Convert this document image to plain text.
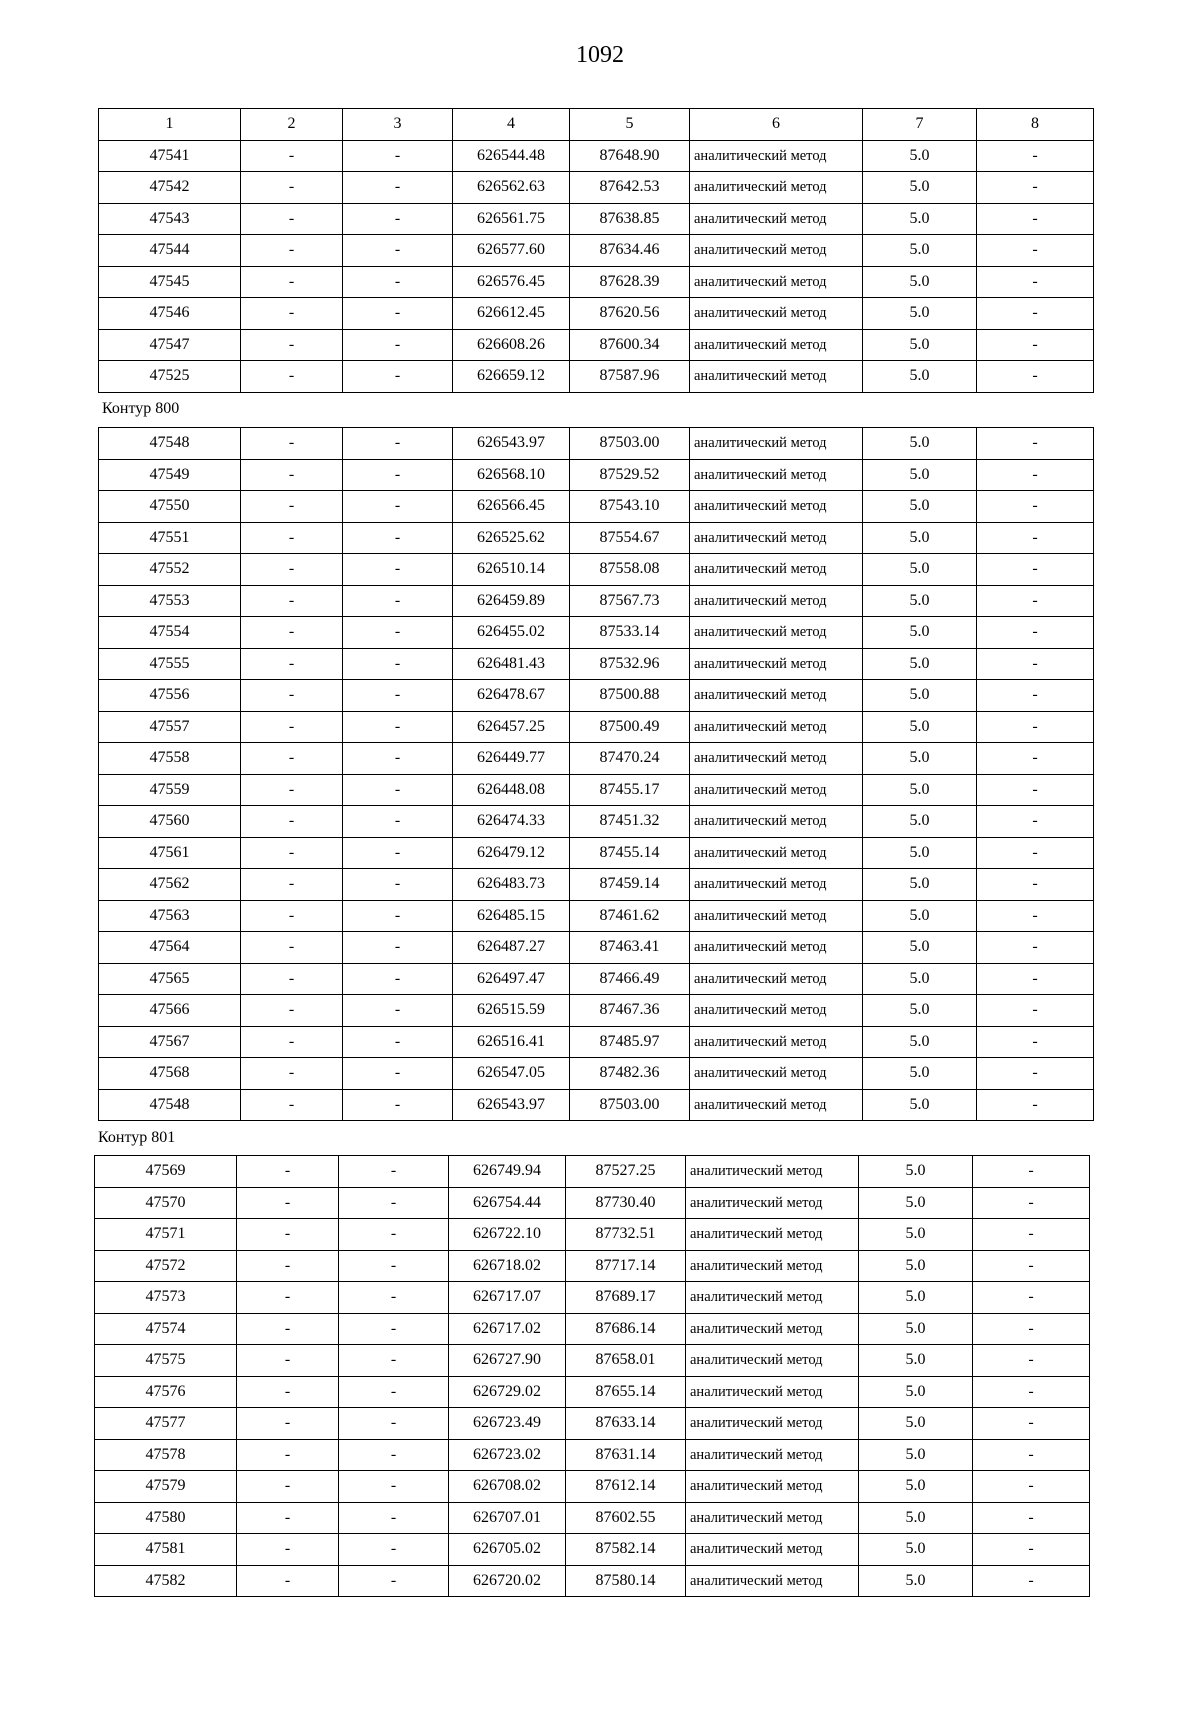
1092
1	2	3	4	5	6	7	8
47541	-	-	626544.48	87648.90	аналитический метод	5.0	-
47542	-	-	626562.63	87642.53	аналитический метод	5.0	-
47543	-	-	626561.75	87638.85	аналитический метод	5.0	-
47544	-	-	626577.60	87634.46	аналитический метод	5.0	-
47545	-	-	626576.45	87628.39	аналитический метод	5.0	-
47546	-	-	626612.45	87620.56	аналитический метод	5.0	-
47547	-	-	626608.26	87600.34	аналитический метод	5.0	-
47525	-	-	626659.12	87587.96	аналитический метод	5.0	-
Контур 800
47548	-	-	626543.97	87503.00	аналитический метод	5.0	-
47549	-	-	626568.10	87529.52	аналитический метод	5.0	-
47550	-	-	626566.45	87543.10	аналитический метод	5.0	-
47551	-	-	626525.62	87554.67	аналитический метод	5.0	-
47552	-	-	626510.14	87558.08	аналитический метод	5.0	-
47553	-	-	626459.89	87567.73	аналитический метод	5.0	-
47554	-	-	626455.02	87533.14	аналитический метод	5.0	-
47555	-	-	626481.43	87532.96	аналитический метод	5.0	-
47556	-	-	626478.67	87500.88	аналитический метод	5.0	-
47557	-	-	626457.25	87500.49	аналитический метод	5.0	-
47558	-	-	626449.77	87470.24	аналитический метод	5.0	-
47559	-	-	626448.08	87455.17	аналитический метод	5.0	-
47560	-	-	626474.33	87451.32	аналитический метод	5.0	-
47561	-	-	626479.12	87455.14	аналитический метод	5.0	-
47562	-	-	626483.73	87459.14	аналитический метод	5.0	-
47563	-	-	626485.15	87461.62	аналитический метод	5.0	-
47564	-	-	626487.27	87463.41	аналитический метод	5.0	-
47565	-	-	626497.47	87466.49	аналитический метод	5.0	-
47566	-	-	626515.59	87467.36	аналитический метод	5.0	-
47567	-	-	626516.41	87485.97	аналитический метод	5.0	-
47568	-	-	626547.05	87482.36	аналитический метод	5.0	-
47548	-	-	626543.97	87503.00	аналитический метод	5.0	-
Контур 801
47569	-	-	626749.94	87527.25	аналитический метод	5.0	-
47570	-	-	626754.44	87730.40	аналитический метод	5.0	-
47571	-	-	626722.10	87732.51	аналитический метод	5.0	-
47572	-	-	626718.02	87717.14	аналитический метод	5.0	-
47573	-	-	626717.07	87689.17	аналитический метод	5.0	-
47574	-	-	626717.02	87686.14	аналитический метод	5.0	-
47575	-	-	626727.90	87658.01	аналитический метод	5.0	-
47576	-	-	626729.02	87655.14	аналитический метод	5.0	-
47577	-	-	626723.49	87633.14	аналитический метод	5.0	-
47578	-	-	626723.02	87631.14	аналитический метод	5.0	-
47579	-	-	626708.02	87612.14	аналитический метод	5.0	-
47580	-	-	626707.01	87602.55	аналитический метод	5.0	-
47581	-	-	626705.02	87582.14	аналитический метод	5.0	-
47582	-	-	626720.02	87580.14	аналитический метод	5.0	-
